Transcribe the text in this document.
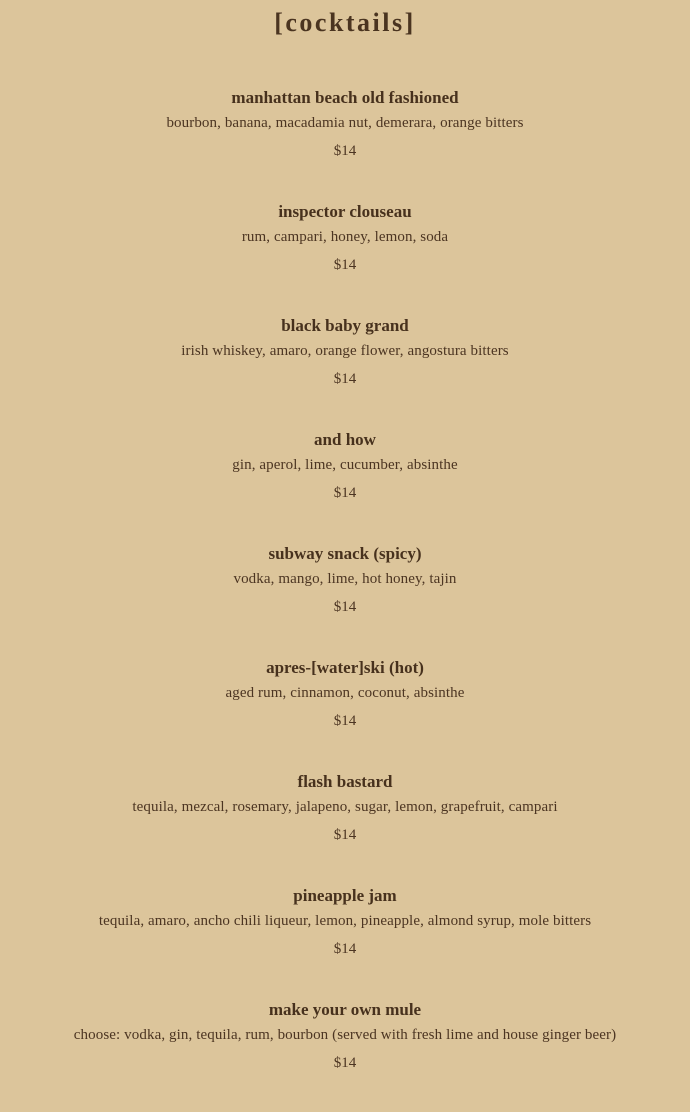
[cocktails]
manhattan beach old fashioned
bourbon, banana, macadamia nut, demerara, orange bitters
$14
inspector clouseau
rum, campari, honey, lemon, soda
$14
black baby grand
irish whiskey, amaro, orange flower, angostura bitters
$14
and how
gin, aperol, lime, cucumber, absinthe
$14
subway snack (spicy)
vodka, mango, lime, hot honey, tajin
$14
apres-[water]ski (hot)
aged rum, cinnamon, coconut, absinthe
$14
flash bastard
tequila, mezcal, rosemary, jalapeno, sugar, lemon, grapefruit, campari
$14
pineapple jam
tequila, amaro, ancho chili liqueur, lemon, pineapple, almond syrup, mole bitters
$14
make your own mule
choose: vodka, gin, tequila, rum, bourbon (served with fresh lime and house ginger beer)
$14
